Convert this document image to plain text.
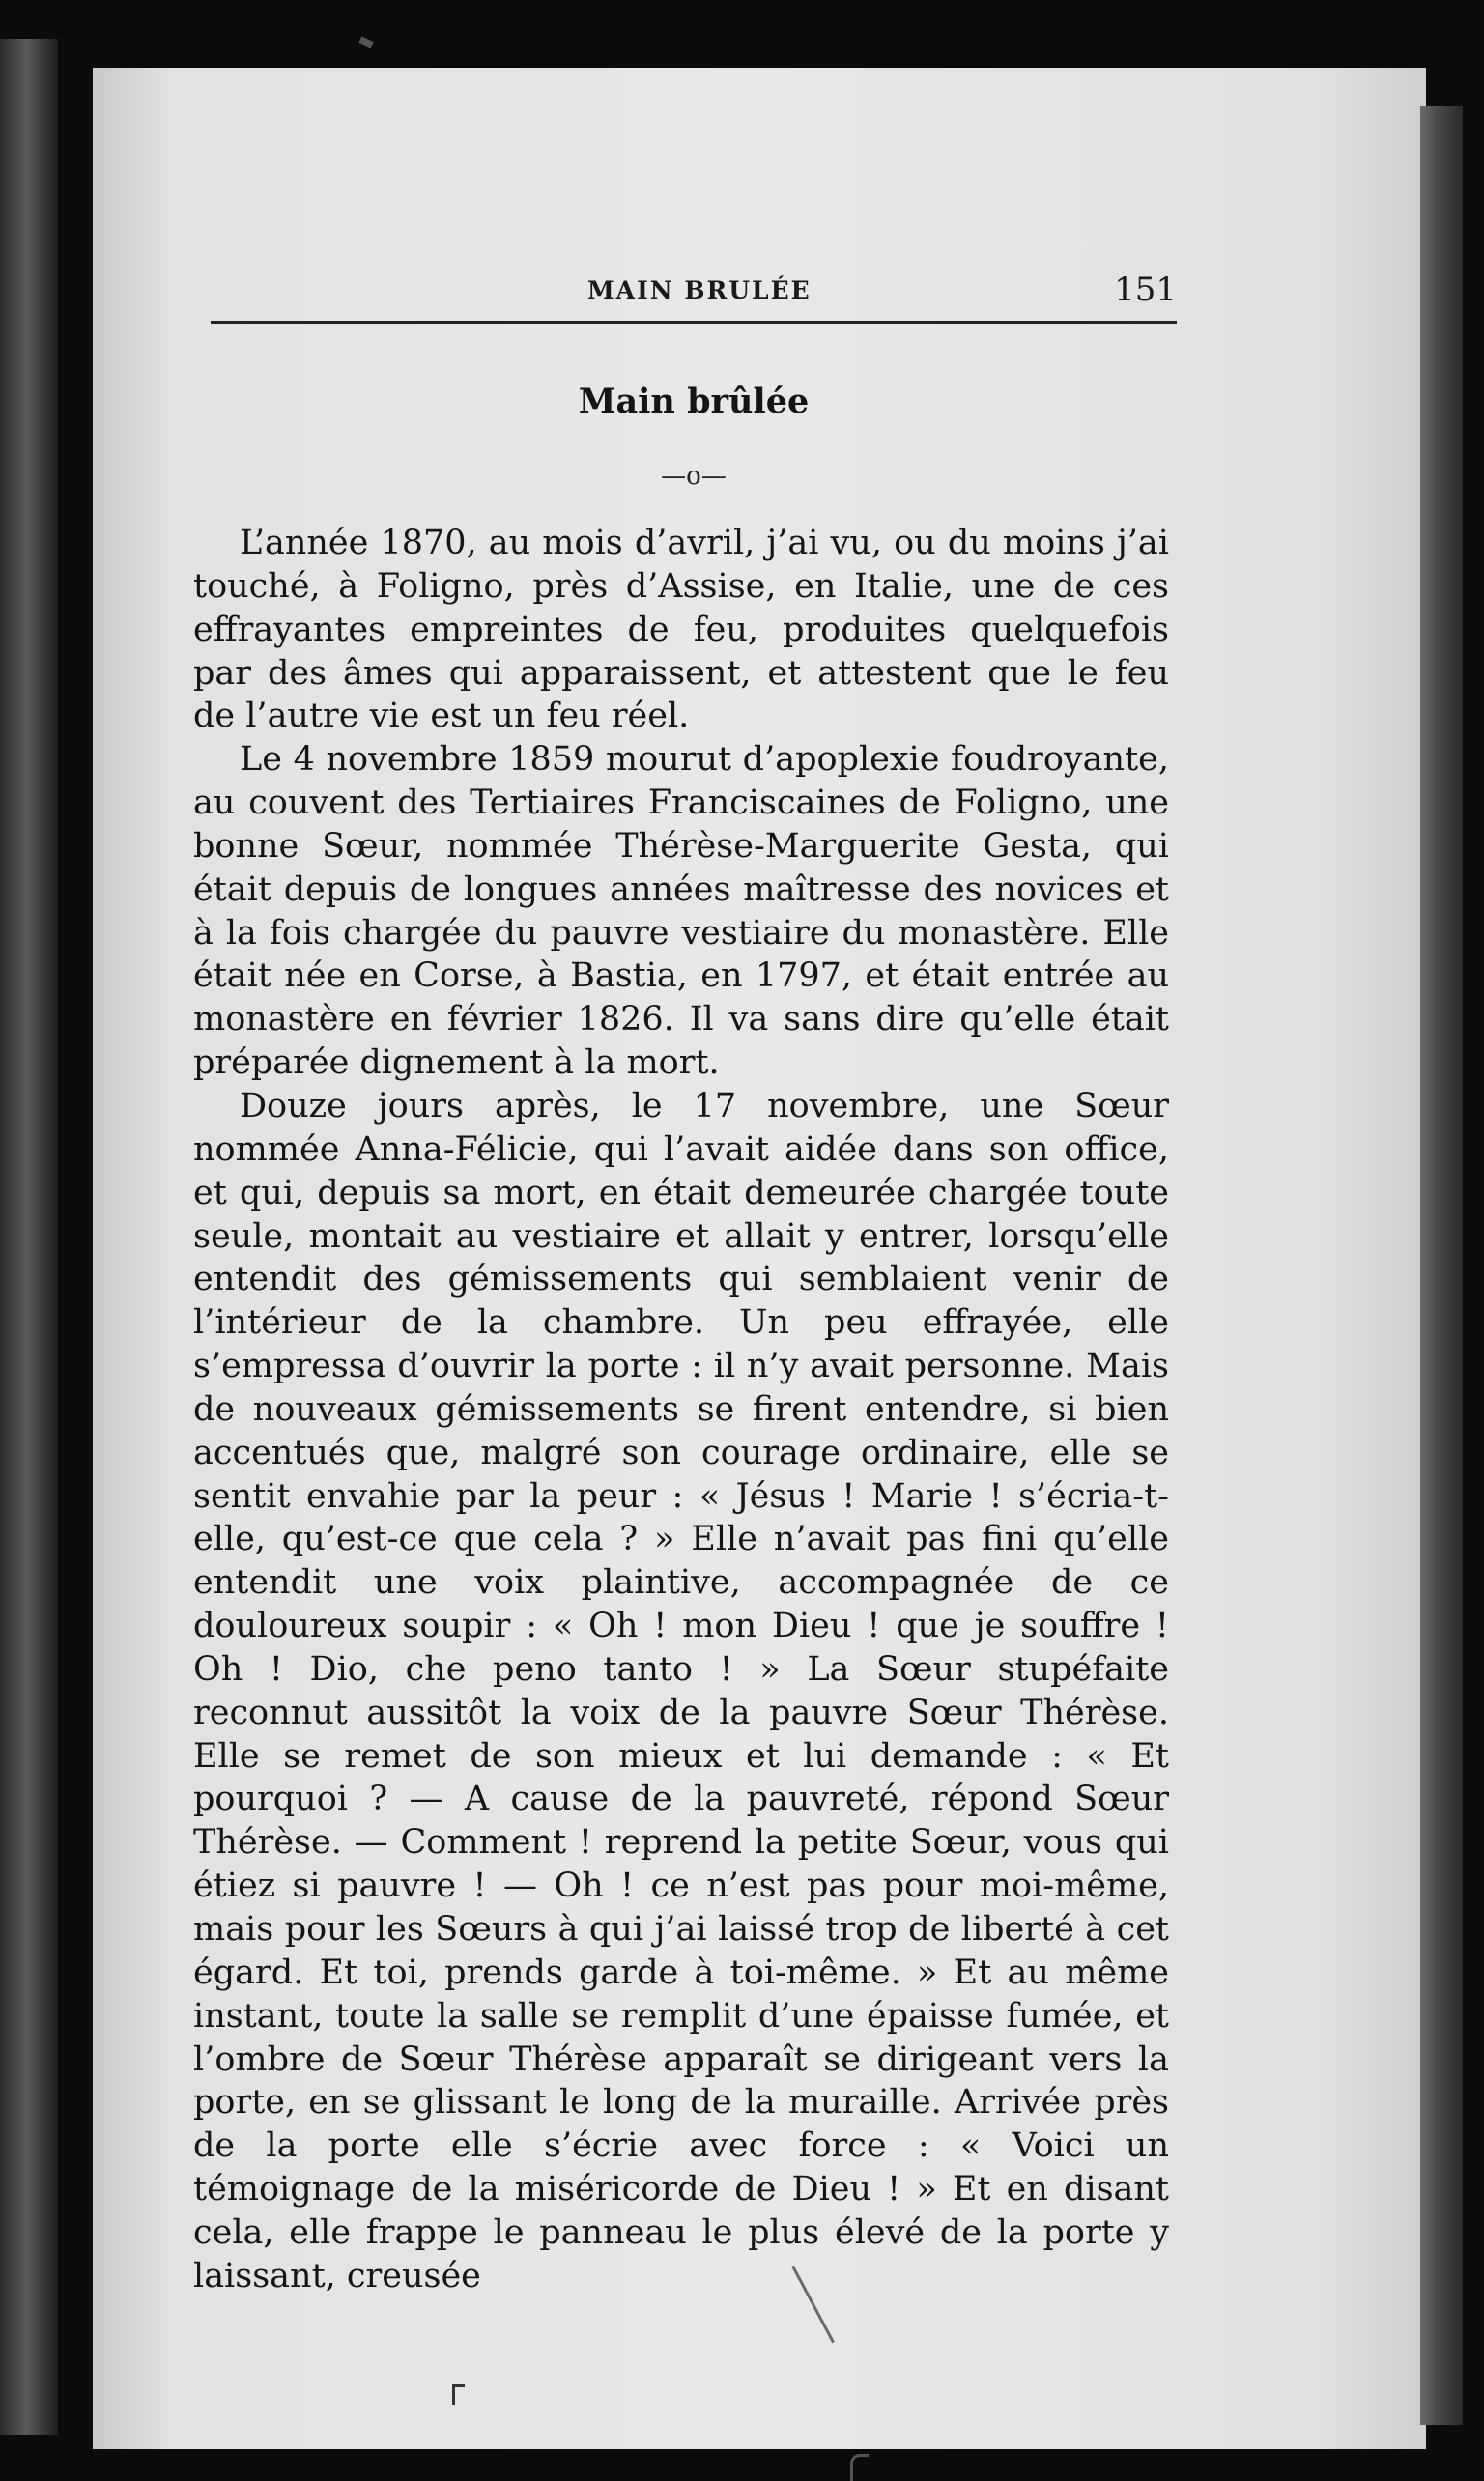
MAIN BRULÉE	151
Main brûlée
—o—

L’année 1870, au mois d’avril, j’ai vu, ou du moins j’ai touché, à Foligno, près d’Assise, en Italie, une de ces effrayantes empreintes de feu, produites quelquefois par des âmes qui apparaissent, et attestent que le feu de l’autre vie est un feu réel.

Le 4 novembre 1859 mourut d’apoplexie foudroyante, au couvent des Tertiaires Franciscaines de Foligno, une bonne Sœur, nommée Thérèse-Marguerite Gesta, qui était depuis de longues années maîtresse des novices et à la fois chargée du pauvre vestiaire du monastère. Elle était née en Corse, à Bastia, en 1797, et était entrée au monastère en février 1826. Il va sans dire qu’elle était préparée dignement à la mort.

Douze jours après, le 17 novembre, une Sœur nommée Anna-Félicie, qui l’avait aidée dans son office, et qui, depuis sa mort, en était demeurée chargée toute seule, montait au vestiaire et allait y entrer, lorsqu’elle entendit des gémissements qui semblaient venir de l’intérieur de la chambre. Un peu effrayée, elle s’empressa d’ouvrir la porte : il n’y avait personne. Mais de nouveaux gémissements se firent entendre, si bien accentués que, malgré son courage ordinaire, elle se sentit envahie par la peur : « Jésus ! Marie ! s’écria-t-elle, qu’est-ce que cela ? » Elle n’avait pas fini qu’elle entendit une voix plaintive, accompagnée de ce douloureux soupir : « Oh ! mon Dieu ! que je souffre ! Oh ! Dio, che peno tanto ! » La Sœur stupéfaite reconnut aussitôt la voix de la pauvre Sœur Thérèse. Elle se remet de son mieux et lui demande : « Et pourquoi ? — A cause de la pauvreté, répond Sœur Thérèse. — Comment ! reprend la petite Sœur, vous qui étiez si pauvre ! — Oh ! ce n’est pas pour moi-même, mais pour les Sœurs à qui j’ai laissé trop de liberté à cet égard. Et toi, prends garde à toi-même. » Et au même instant, toute la salle se remplit d’une épaisse fumée, et l’ombre de Sœur Thérèse apparaît se dirigeant vers la porte, en se glissant le long de la muraille. Arrivée près de la porte elle s’écrie avec force : « Voici un témoignage de la miséricorde de Dieu ! » Et en disant cela, elle frappe le panneau le plus élevé de la porte y laissant, creusée
